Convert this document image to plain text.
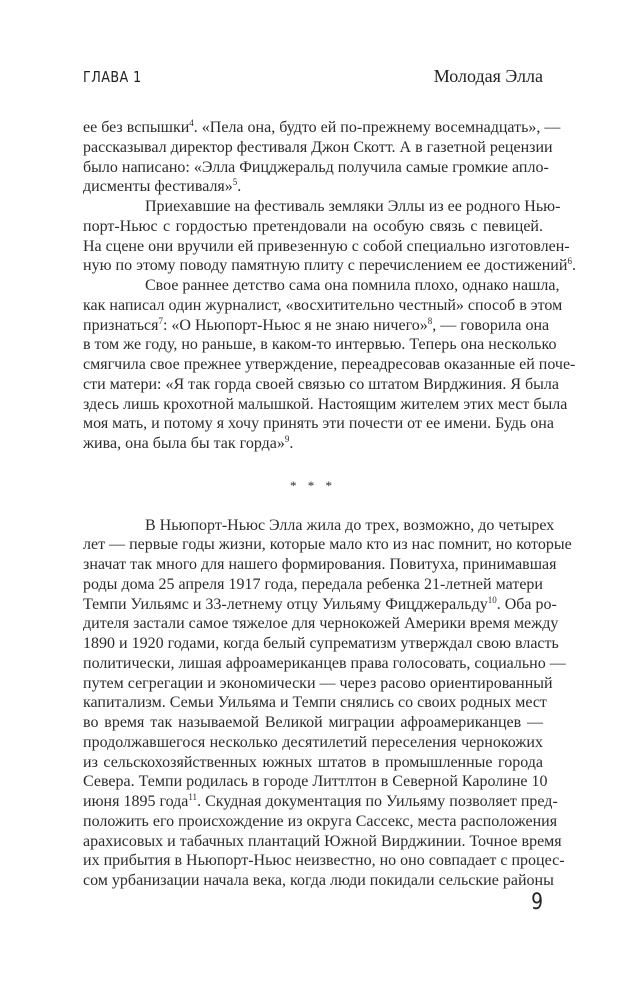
ГЛАВА 1	Молодая Элла
ее без вспышки$^4$. «Пела она, будто ей по-прежнему восемнадцать», —
рассказывал директор фестиваля Джон Скотт. А в газетной рецензии
было написано: «Элла Фицджеральд получила самые громкие апло-
дисменты фестиваля»$^5$.
Приехавшие на фестиваль земляки Эллы из ее родного Нью-
порт-Ньюс с гордостью претендовали на особую связь с певицей.
На сцене они вручили ей привезенную с собой специально изготовлен-
ную по этому поводу памятную плиту с перечислением ее достижений$^6$.
Свое раннее детство сама она помнила плохо, однако нашла,
как написал один журналист, «восхитительно честный» способ в этом
признаться$^7$: «О Ньюпорт-Ньюс я не знаю ничего»$^8$, — говорила она
в том же году, но раньше, в каком-то интервью. Теперь она несколько
смягчила свое прежнее утверждение, переадресовав оказанные ей поче-
сти матери: «Я так горда своей связью со штатом Вирджиния. Я была
здесь лишь крохотной малышкой. Настоящим жителем этих мест была
моя мать, и потому я хочу принять эти почести от ее имени. Будь она
жива, она была бы так горда»$^9$.
* * *
В Ньюпорт-Ньюс Элла жила до трех, возможно, до четырех
лет — первые годы жизни, которые мало кто из нас помнит, но которые
значат так много для нашего формирования. Повитуха, принимавшая
роды дома 25 апреля 1917 года, передала ребенка 21-летней матери
Темпи Уильямс и 33-летнему отцу Уильяму Фицджеральду$^{10}$. Оба ро-
дителя застали самое тяжелое для чернокожей Америки время между
1890 и 1920 годами, когда белый супрематизм утверждал свою власть
политически, лишая афроамериканцев права голосовать, социально —
путем сегрегации и экономически — через расово ориентированный
капитализм. Семьи Уильяма и Темпи снялись со своих родных мест
во время так называемой Великой миграции афроамериканцев —
продолжавшегося несколько десятилетий переселения чернокожих
из сельскохозяйственных южных штатов в промышленные города
Севера. Темпи родилась в городе Литтлтон в Северной Каролине 10
июня 1895 года$^{11}$. Скудная документация по Уильяму позволяет пред-
положить его происхождение из округа Сассекс, места расположения
арахисовых и табачных плантаций Южной Вирджинии. Точное время
их прибытия в Ньюпорт-Ньюс неизвестно, но оно совпадает с процес-
сом урбанизации начала века, когда люди покидали сельские районы
9
